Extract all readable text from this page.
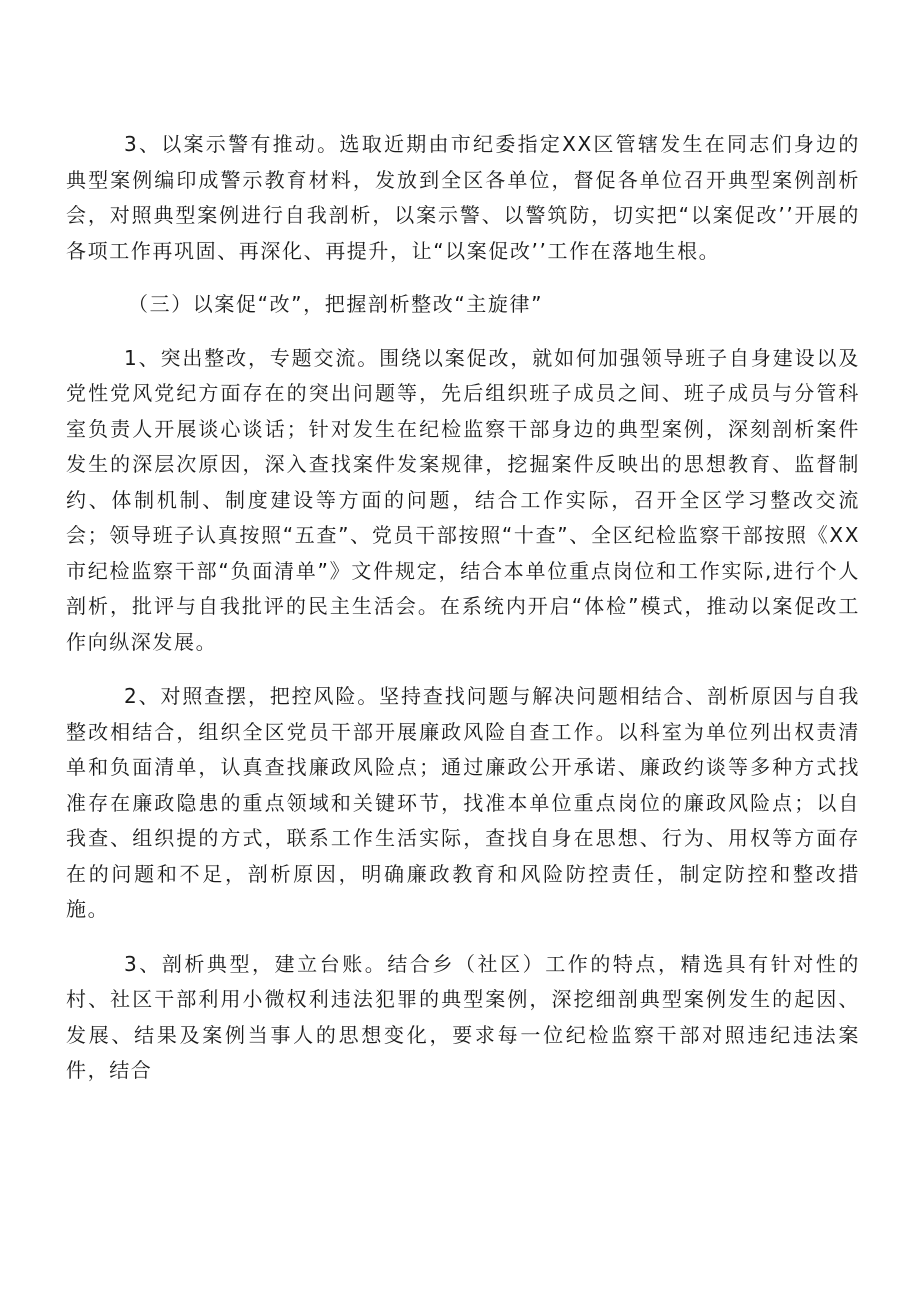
3、以案示警有推动。选取近期由市纪委指定XX区管辖发生在同志们身边的典型案例编印成警示教育材料，发放到全区各单位，督促各单位召开典型案例剖析会，对照典型案例进行自我剖析，以案示警、以警筑防，切实把“以案促改’’开展的各项工作再巩固、再深化、再提升，让“以案促改’’工作在落地生根。

（三）以案促“改”，把握剖析整改“主旋律”

1、突出整改，专题交流。围绕以案促改，就如何加强领导班子自身建设以及党性党风党纪方面存在的突出问题等，先后组织班子成员之间、班子成员与分管科室负责人开展谈心谈话；针对发生在纪检监察干部身边的典型案例，深刻剖析案件发生的深层次原因，深入查找案件发案规律，挖掘案件反映出的思想教育、监督制约、体制机制、制度建设等方面的问题，结合工作实际，召开全区学习整改交流会；领导班子认真按照“五查”、党员干部按照“十查”、全区纪检监察干部按照《XX市纪检监察干部“负面清单”》文件规定，结合本单位重点岗位和工作实际,进行个人剖析，批评与自我批评的民主生活会。在系统内开启“体检”模式，推动以案促改工作向纵深发展。

2、对照查摆，把控风险。坚持查找问题与解决问题相结合、剖析原因与自我整改相结合，组织全区党员干部开展廉政风险自查工作。以科室为单位列出权责清单和负面清单，认真查找廉政风险点；通过廉政公开承诺、廉政约谈等多种方式找准存在廉政隐患的重点领域和关键环节，找准本单位重点岗位的廉政风险点；以自我查、组织提的方式，联系工作生活实际，查找自身在思想、行为、用权等方面存在的问题和不足，剖析原因，明确廉政教育和风险防控责任，制定防控和整改措施。

3、剖析典型，建立台账。结合乡（社区）工作的特点，精选具有针对性的村、社区干部利用小微权利违法犯罪的典型案例，深挖细剖典型案例发生的起因、发展、结果及案例当事人的思想变化，要求每一位纪检监察干部对照违纪违法案件，结合
